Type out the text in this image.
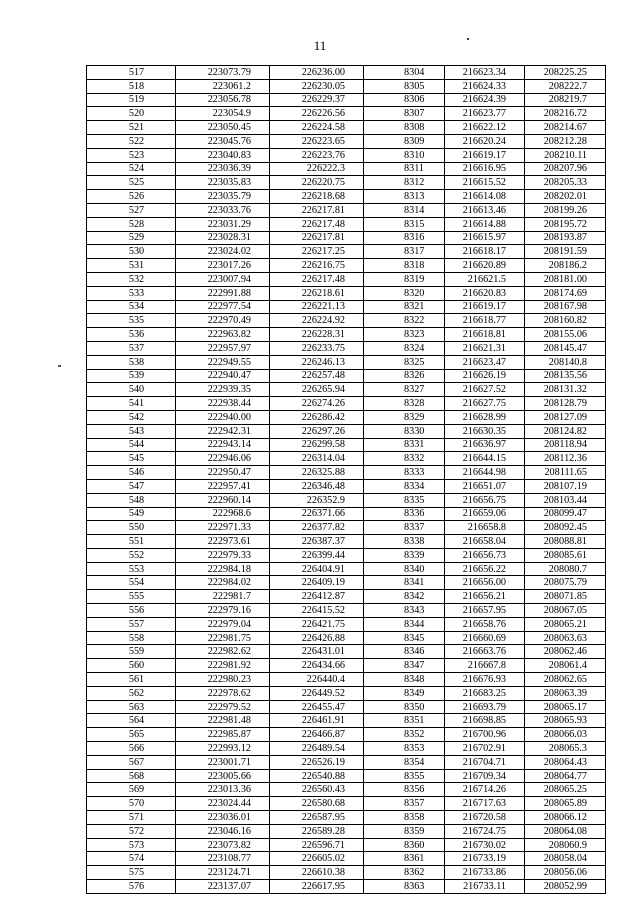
11
517	223073.79	226236.00	8304	216623.34	208225.25
518	223061.2	226230.05	8305	216624.33	208222.7
519	223056.78	226229.37	8306	216624.39	208219.7
520	223054.9	226226.56	8307	216623.77	208216.72
521	223050.45	226224.58	8308	216622.12	208214.67
522	223045.76	226223.65	8309	216620.24	208212.28
523	223040.83	226223.76	8310	216619.17	208210.11
524	223036.39	226222.3	8311	216616.95	208207.96
525	223035.83	226220.75	8312	216615.52	208205.33
526	223035.79	226218.68	8313	216614.08	208202.01
527	223033.76	226217.81	8314	216613.46	208199.26
528	223031.29	226217.48	8315	216614.88	208195.72
529	223028.31	226217.81	8316	216615.97	208193.87
530	223024.02	226217.25	8317	216618.17	208191.59
531	223017.26	226216.75	8318	216620.89	208186.2
532	223007.94	226217.48	8319	216621.5	208181.00
533	222991.88	226218.61	8320	216620.83	208174.69
534	222977.54	226221.13	8321	216619.17	208167.98
535	222970.49	226224.92	8322	216618.77	208160.82
536	222963.82	226228.31	8323	216618.81	208155.06
537	222957.97	226233.75	8324	216621.31	208145.47
538	222949.55	226246.13	8325	216623.47	208140.8
539	222940.47	226257.48	8326	216626.19	208135.56
540	222939.35	226265.94	8327	216627.52	208131.32
541	222938.44	226274.26	8328	216627.75	208128.79
542	222940.00	226286.42	8329	216628.99	208127.09
543	222942.31	226297.26	8330	216630.35	208124.82
544	222943.14	226299.58	8331	216636.97	208118.94
545	222946.06	226314.04	8332	216644.15	208112.36
546	222950.47	226325.88	8333	216644.98	208111.65
547	222957.41	226346.48	8334	216651.07	208107.19
548	222960.14	226352.9	8335	216656.75	208103.44
549	222968.6	226371.66	8336	216659.06	208099.47
550	222971.33	226377.82	8337	216658.8	208092.45
551	222973.61	226387.37	8338	216658.04	208088.81
552	222979.33	226399.44	8339	216656.73	208085.61
553	222984.18	226404.91	8340	216656.22	208080.7
554	222984.02	226409.19	8341	216656.00	208075.79
555	222981.7	226412.87	8342	216656.21	208071.85
556	222979.16	226415.52	8343	216657.95	208067.05
557	222979.04	226421.75	8344	216658.76	208065.21
558	222981.75	226426.88	8345	216660.69	208063.63
559	222982.62	226431.01	8346	216663.76	208062.46
560	222981.92	226434.66	8347	216667.8	208061.4
561	222980.23	226440.4	8348	216676.93	208062.65
562	222978.62	226449.52	8349	216683.25	208063.39
563	222979.52	226455.47	8350	216693.79	208065.17
564	222981.48	226461.91	8351	216698.85	208065.93
565	222985.87	226466.87	8352	216700.96	208066.03
566	222993.12	226489.54	8353	216702.91	208065.3
567	223001.71	226526.19	8354	216704.71	208064.43
568	223005.66	226540.88	8355	216709.34	208064.77
569	223013.36	226560.43	8356	216714.26	208065.25
570	223024.44	226580.68	8357	216717.63	208065.89
571	223036.01	226587.95	8358	216720.58	208066.12
572	223046.16	226589.28	8359	216724.75	208064.08
573	223073.82	226596.71	8360	216730.02	208060.9
574	223108.77	226605.02	8361	216733.19	208058.04
575	223124.71	226610.38	8362	216733.86	208056.06
576	223137.07	226617.95	8363	216733.11	208052.99
